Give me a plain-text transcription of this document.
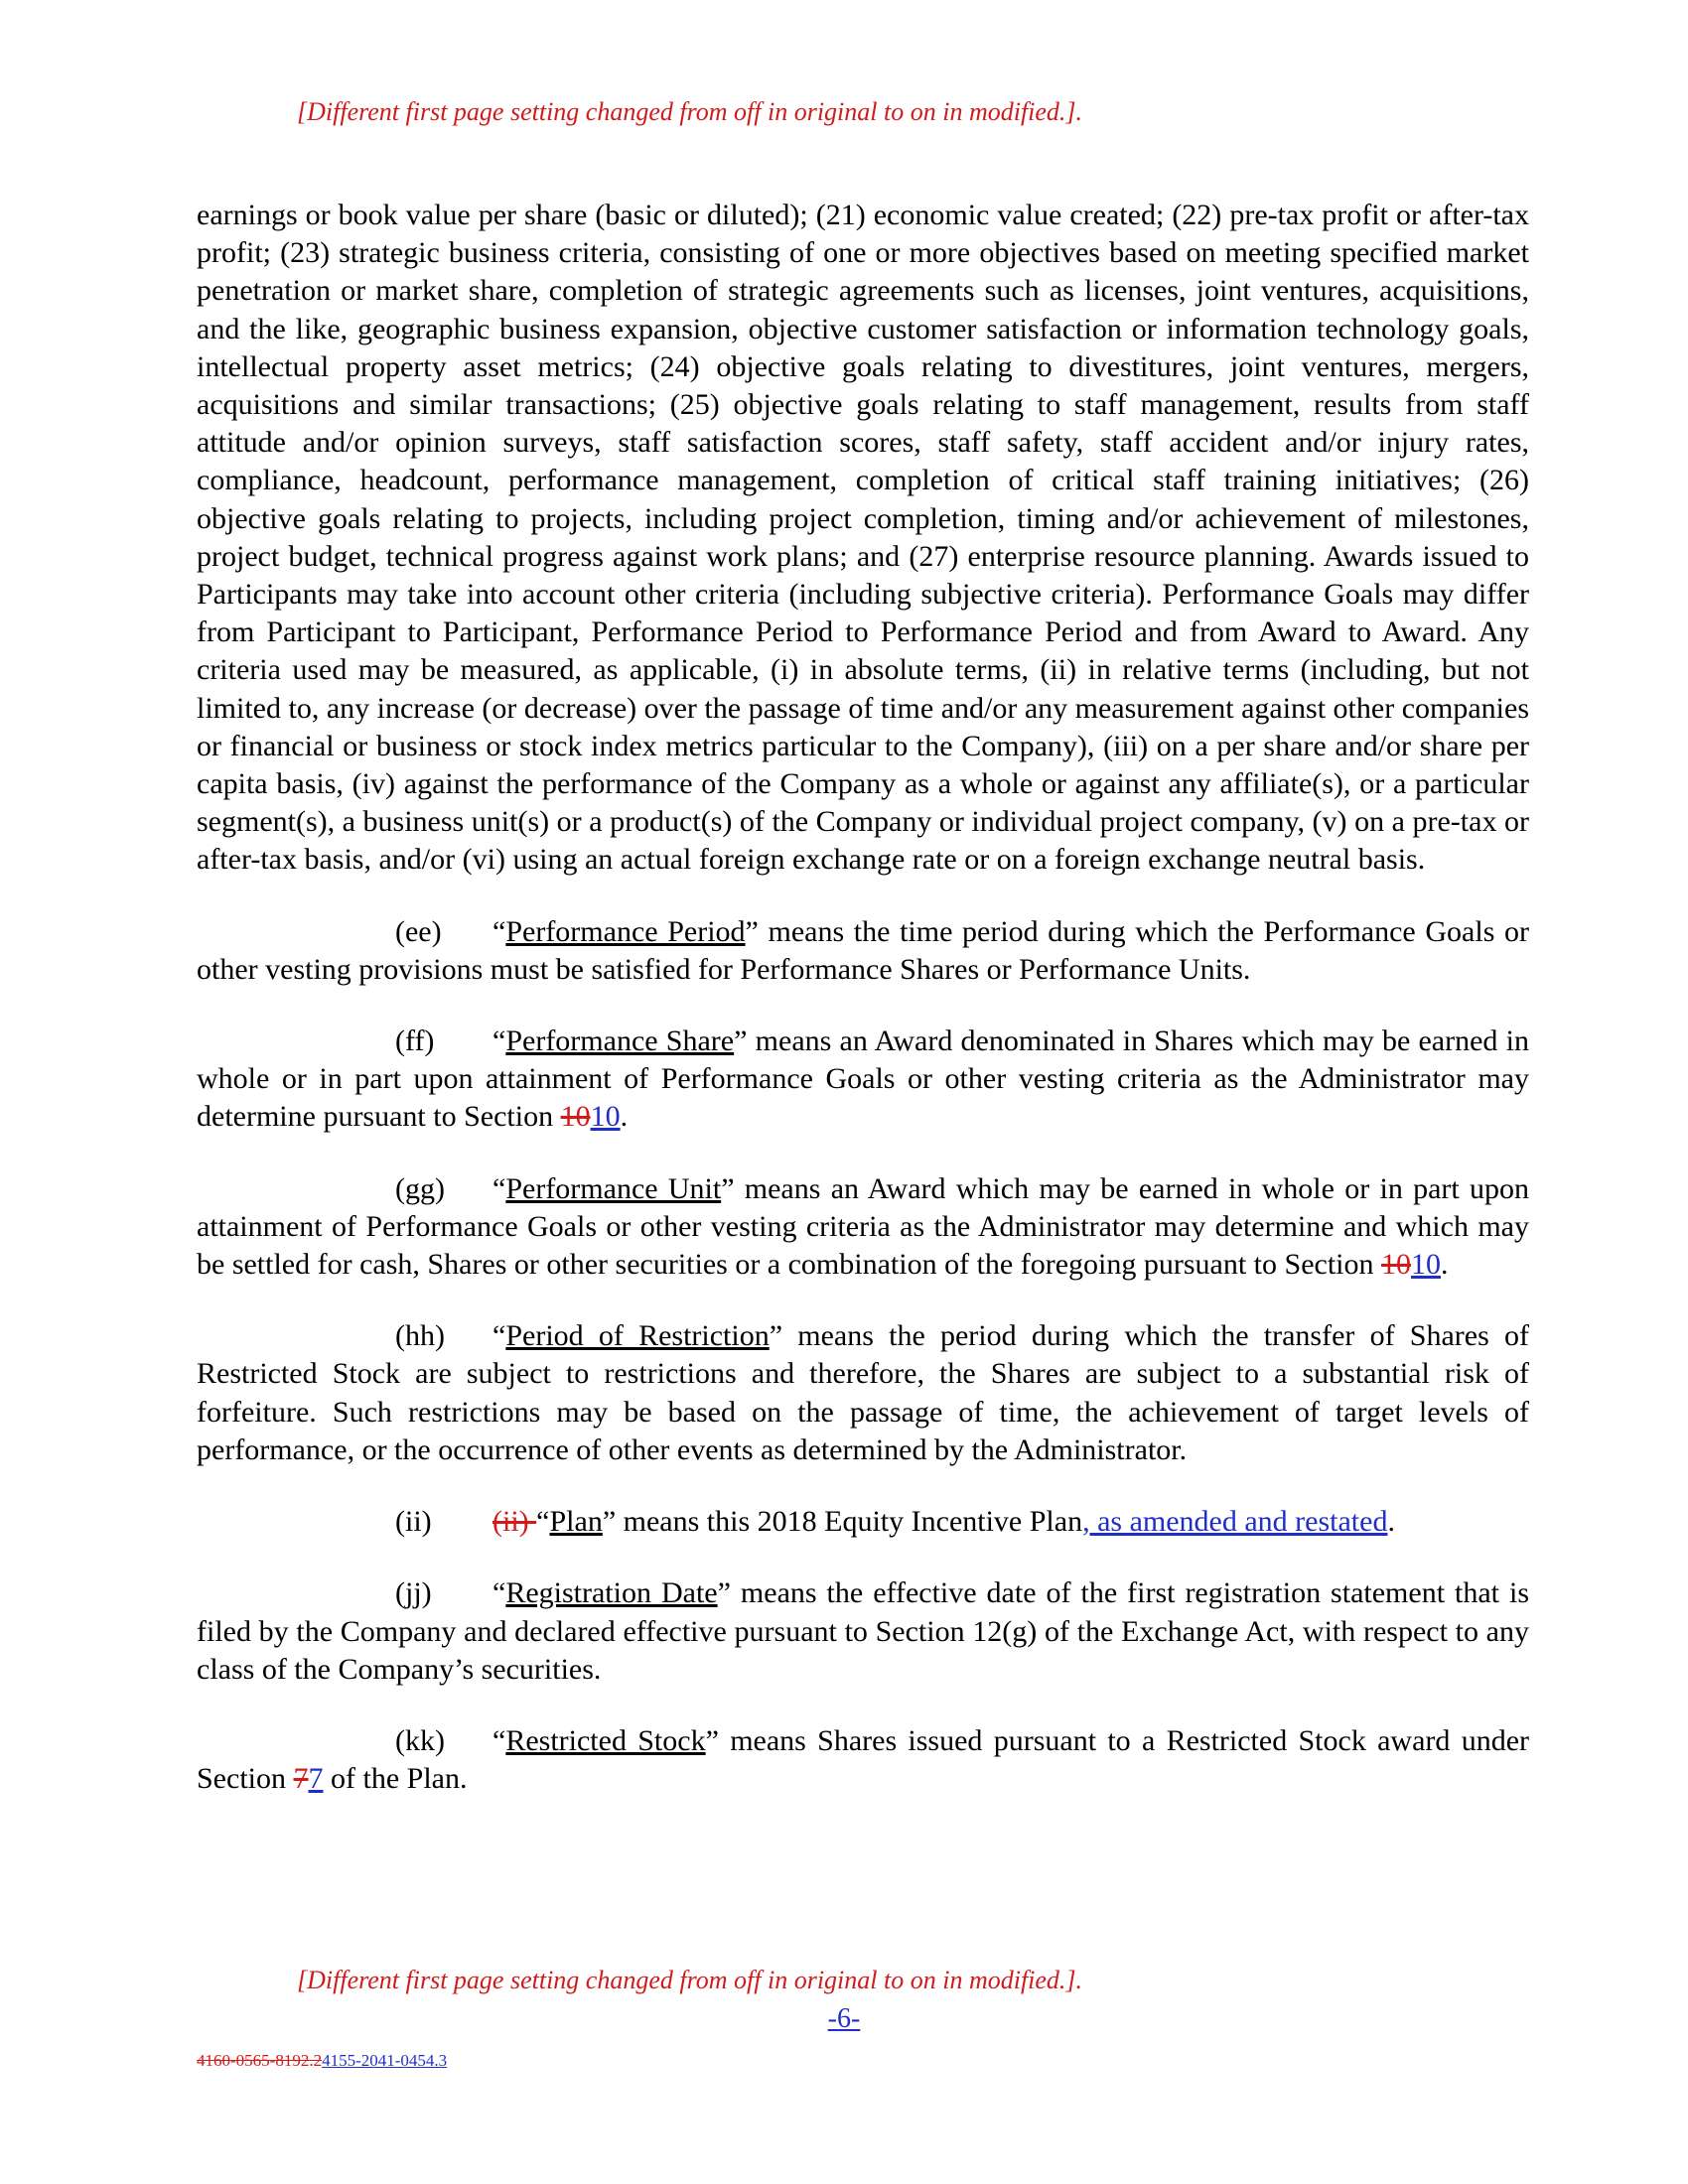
[Different first page setting changed from off in original to on in modified.].

earnings or book value per share (basic or diluted); (21) economic value created; (22) pre-tax profit or after-tax profit; (23) strategic business criteria, consisting of one or more objectives based on meeting specified market penetration or market share, completion of strategic agreements such as licenses, joint ventures, acquisitions, and the like, geographic business expansion, objective customer satisfaction or information technology goals, intellectual property asset metrics; (24) objective goals relating to divestitures, joint ventures, mergers, acquisitions and similar transactions; (25) objective goals relating to staff management, results from staff attitude and/or opinion surveys, staff satisfaction scores, staff safety, staff accident and/or injury rates, compliance, headcount, performance management, completion of critical staff training initiatives; (26) objective goals relating to projects, including project completion, timing and/or achievement of milestones, project budget, technical progress against work plans; and (27) enterprise resource planning. Awards issued to Participants may take into account other criteria (including subjective criteria). Performance Goals may differ from Participant to Participant, Performance Period to Performance Period and from Award to Award. Any criteria used may be measured, as applicable, (i) in absolute terms, (ii) in relative terms (including, but not limited to, any increase (or decrease) over the passage of time and/or any measurement against other companies or financial or business or stock index metrics particular to the Company), (iii) on a per share and/or share per capita basis, (iv) against the performance of the Company as a whole or against any affiliate(s), or a particular segment(s), a business unit(s) or a product(s) of the Company or individual project company, (v) on a pre-tax or after-tax basis, and/or (vi) using an actual foreign exchange rate or on a foreign exchange neutral basis.

(ee) “Performance Period” means the time period during which the Performance Goals or other vesting provisions must be satisfied for Performance Shares or Performance Units.

(ff) “Performance Share” means an Award denominated in Shares which may be earned in whole or in part upon attainment of Performance Goals or other vesting criteria as the Administrator may determine pursuant to Section 1010.

(gg) “Performance Unit” means an Award which may be earned in whole or in part upon attainment of Performance Goals or other vesting criteria as the Administrator may determine and which may be settled for cash, Shares or other securities or a combination of the foregoing pursuant to Section 1010.

(hh) “Period of Restriction” means the period during which the transfer of Shares of Restricted Stock are subject to restrictions and therefore, the Shares are subject to a substantial risk of forfeiture. Such restrictions may be based on the passage of time, the achievement of target levels of performance, or the occurrence of other events as determined by the Administrator.

(ii) (ii) “Plan” means this 2018 Equity Incentive Plan, as amended and restated.

(jj) “Registration Date” means the effective date of the first registration statement that is filed by the Company and declared effective pursuant to Section 12(g) of the Exchange Act, with respect to any class of the Company’s securities.

(kk) “Restricted Stock” means Shares issued pursuant to a Restricted Stock award under Section 77 of the Plan.

[Different first page setting changed from off in original to on in modified.].
-6-
4160-0565-8192.24155-2041-0454.3
